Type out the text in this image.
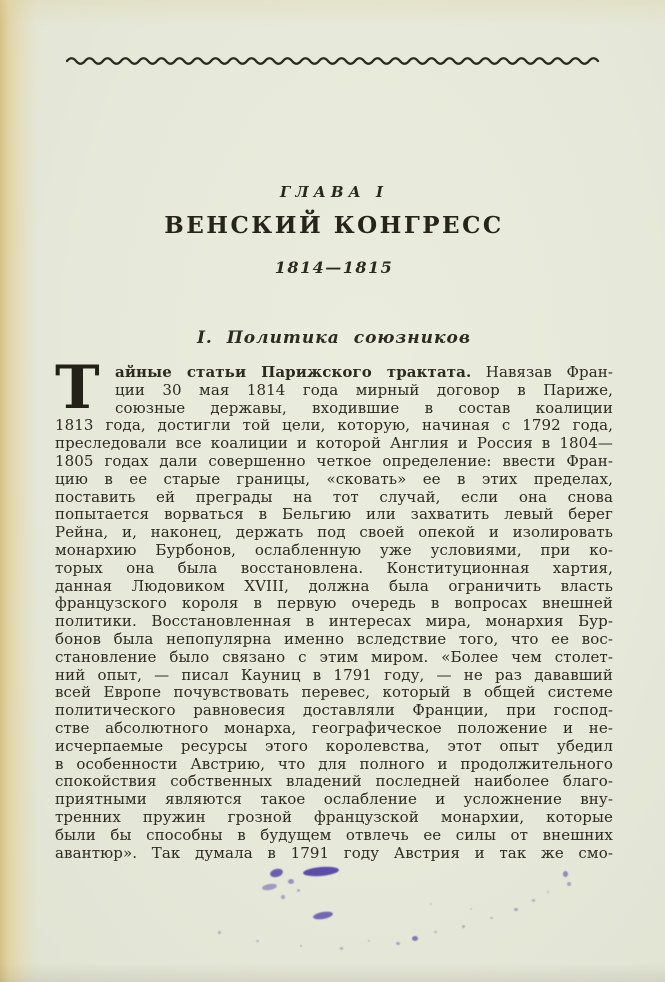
ГЛАВА I
ВЕНСКИЙ КОНГРЕСС
1814—1815
I. Политика союзников
Т	айные статьи Парижского трактата. Навязав Фран-
ции 30 мая 1814 года мирный договор в Париже,
союзные державы, входившие в состав коалиции
1813 года, достигли той цели, которую, начиная с 1792 года,
преследовали все коалиции и которой Англия и Россия в 1804—
1805 годах дали совершенно четкое определение: ввести Фран-
цию в ее старые границы, «сковать» ее в этих пределах,
поставить ей преграды на тот случай, если она снова
попытается ворваться в Бельгию или захватить левый берег
Рейна, и, наконец, держать под своей опекой и изолировать
монархию Бурбонов, ослабленную уже условиями, при ко-
торых она была восстановлена. Конституционная хартия,
данная Людовиком XVIII, должна была ограничить власть
французского короля в первую очередь в вопросах внешней
политики. Восстановленная в интересах мира, монархия Бур-
бонов была непопулярна именно вследствие того, что ее вос-
становление было связано с этим миром. «Более чем столет-
ний опыт, — писал Кауниц в 1791 году, — не раз дававший
всей Европе почувствовать перевес, который в общей системе
политического равновесия доставляли Франции, при господ-
стве абсолютного монарха, географическое положение и не-
исчерпаемые ресурсы этого королевства, этот опыт убедил
в особенности Австрию, что для полного и продолжительного
спокойствия собственных владений последней наиболее благо-
приятными являются такое ослабление и усложнение вну-
тренних пружин грозной французской монархии, которые
были бы способны в будущем отвлечь ее силы от внешних
авантюр». Так думала в 1791 году Австрия и так же смо-
